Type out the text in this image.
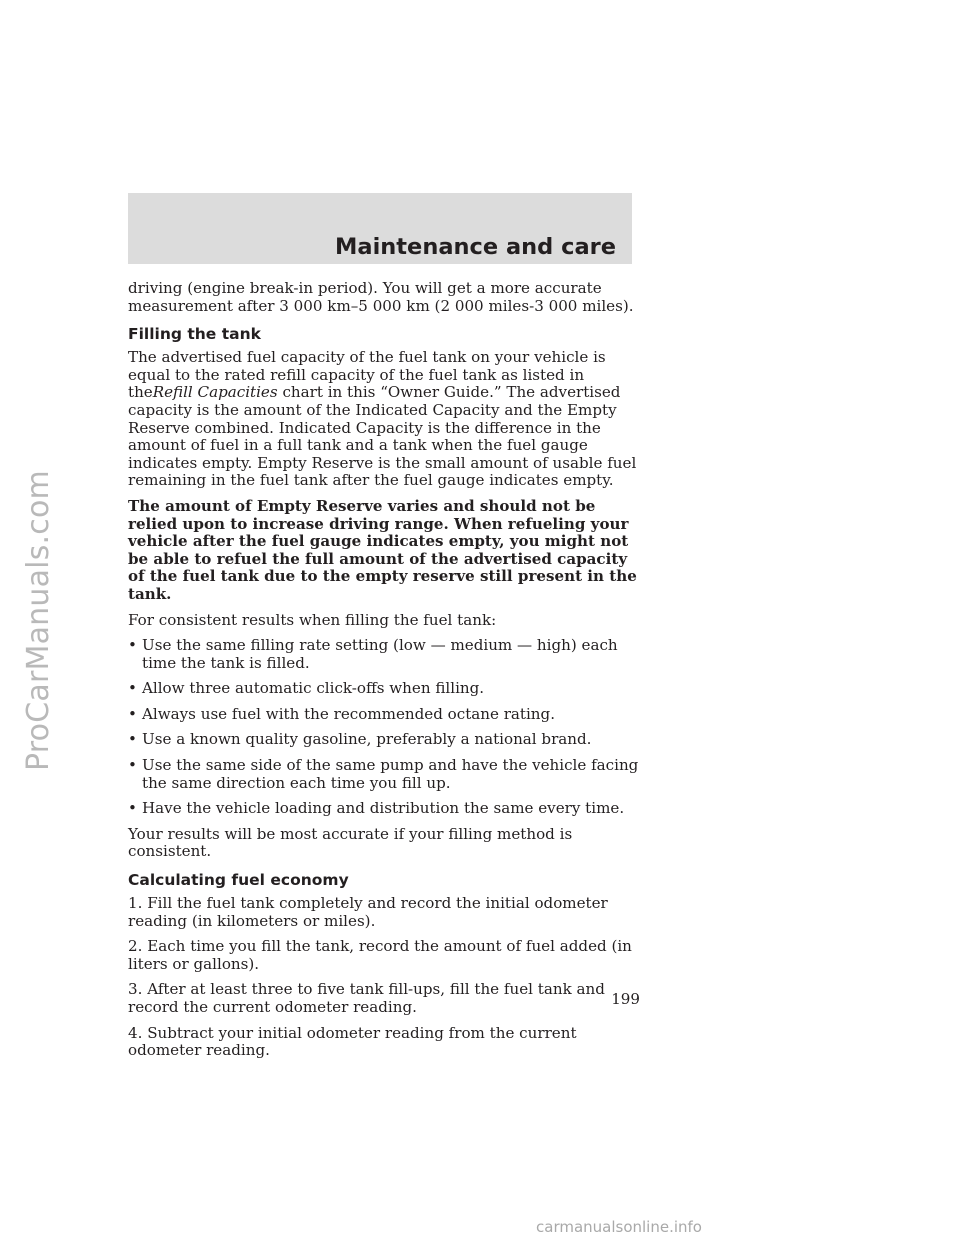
ProCarManuals.com
Maintenance and care

driving (engine break-in period). You will get a more accurate measurement after 3 000 km–5 000 km (2 000 miles-3 000 miles).

Filling the tank

The advertised fuel capacity of the fuel tank on your vehicle is equal to the rated refill capacity of the fuel tank as listed in theRefill Capacities chart in this “Owner Guide.” The advertised capacity is the amount of the Indicated Capacity and the Empty Reserve combined. Indicated Capacity is the difference in the amount of fuel in a full tank and a tank when the fuel gauge indicates empty. Empty Reserve is the small amount of usable fuel remaining in the fuel tank after the fuel gauge indicates empty.

The amount of Empty Reserve varies and should not be relied upon to increase driving range. When refueling your vehicle after the fuel gauge indicates empty, you might not be able to refuel the full amount of the advertised capacity of the fuel tank due to the empty reserve still present in the tank.

For consistent results when filling the fuel tank:

• Use the same filling rate setting (low — medium — high) each time the tank is filled.
• Allow three automatic click-offs when filling.
• Always use fuel with the recommended octane rating.
• Use a known quality gasoline, preferably a national brand.
• Use the same side of the same pump and have the vehicle facing the same direction each time you fill up.
• Have the vehicle loading and distribution the same every time.

Your results will be most accurate if your filling method is consistent.

Calculating fuel economy

1. Fill the fuel tank completely and record the initial odometer reading (in kilometers or miles).

2. Each time you fill the tank, record the amount of fuel added (in liters or gallons).

3. After at least three to five tank fill-ups, fill the fuel tank and record the current odometer reading.

4. Subtract your initial odometer reading from the current odometer reading.

199
carmanualsonline.info
